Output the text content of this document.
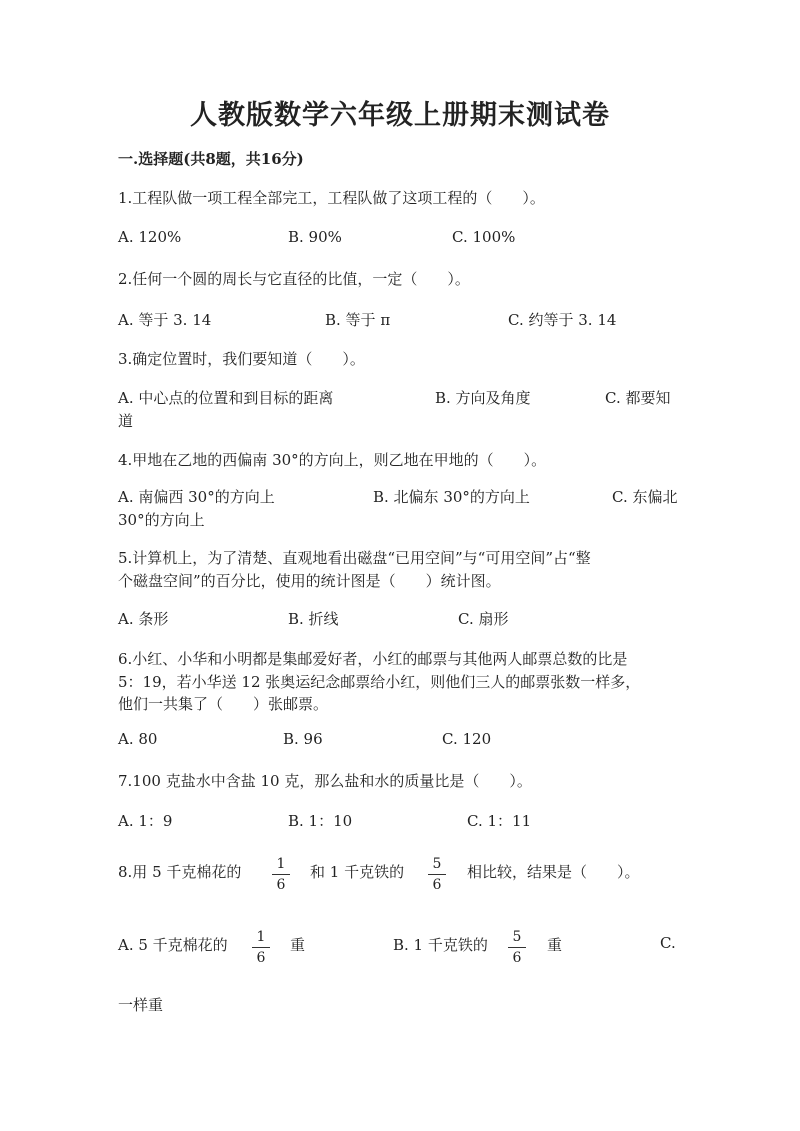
人教版数学六年级上册期末测试卷
一.选择题(共8题，共16分)
1.工程队做一项工程全部完工，工程队做了这项工程的（　　）。
A. 120%	B. 90%	C. 100%
2.任何一个圆的周长与它直径的比值，一定（　　）。
A. 等于 3. 14	B. 等于 π	C. 约等于 3. 14
3.确定位置时，我们要知道（　　）。
A. 中心点的位置和到目标的距离	B. 方向及角度	C. 都要知
道
4.甲地在乙地的西偏南 30°的方向上，则乙地在甲地的（　　）。
A. 南偏西 30°的方向上	B. 北偏东 30°的方向上	C. 东偏北
30°的方向上
5.计算机上，为了清楚、直观地看出磁盘“已用空间”与“可用空间”占“整
个磁盘空间”的百分比，使用的统计图是（　　）统计图。
A. 条形	B. 折线	C. 扇形
6.小红、小华和小明都是集邮爱好者，小红的邮票与其他两人邮票总数的比是
5：19，若小华送 12 张奥运纪念邮票给小红，则他们三人的邮票张数一样多，
他们一共集了（　　）张邮票。
A. 80	B. 96	C. 120
7.100 克盐水中含盐 10 克，那么盐和水的质量比是（　　）。
A. 1：9	B. 1：10	C. 1：11
8.用 5 千克棉花的	1
6
和 1 千克铁的	5
6
相比较，结果是（　　）。
A. 5 千克棉花的	1
6
重	B. 1 千克铁的	5
6
重	C.
一样重
